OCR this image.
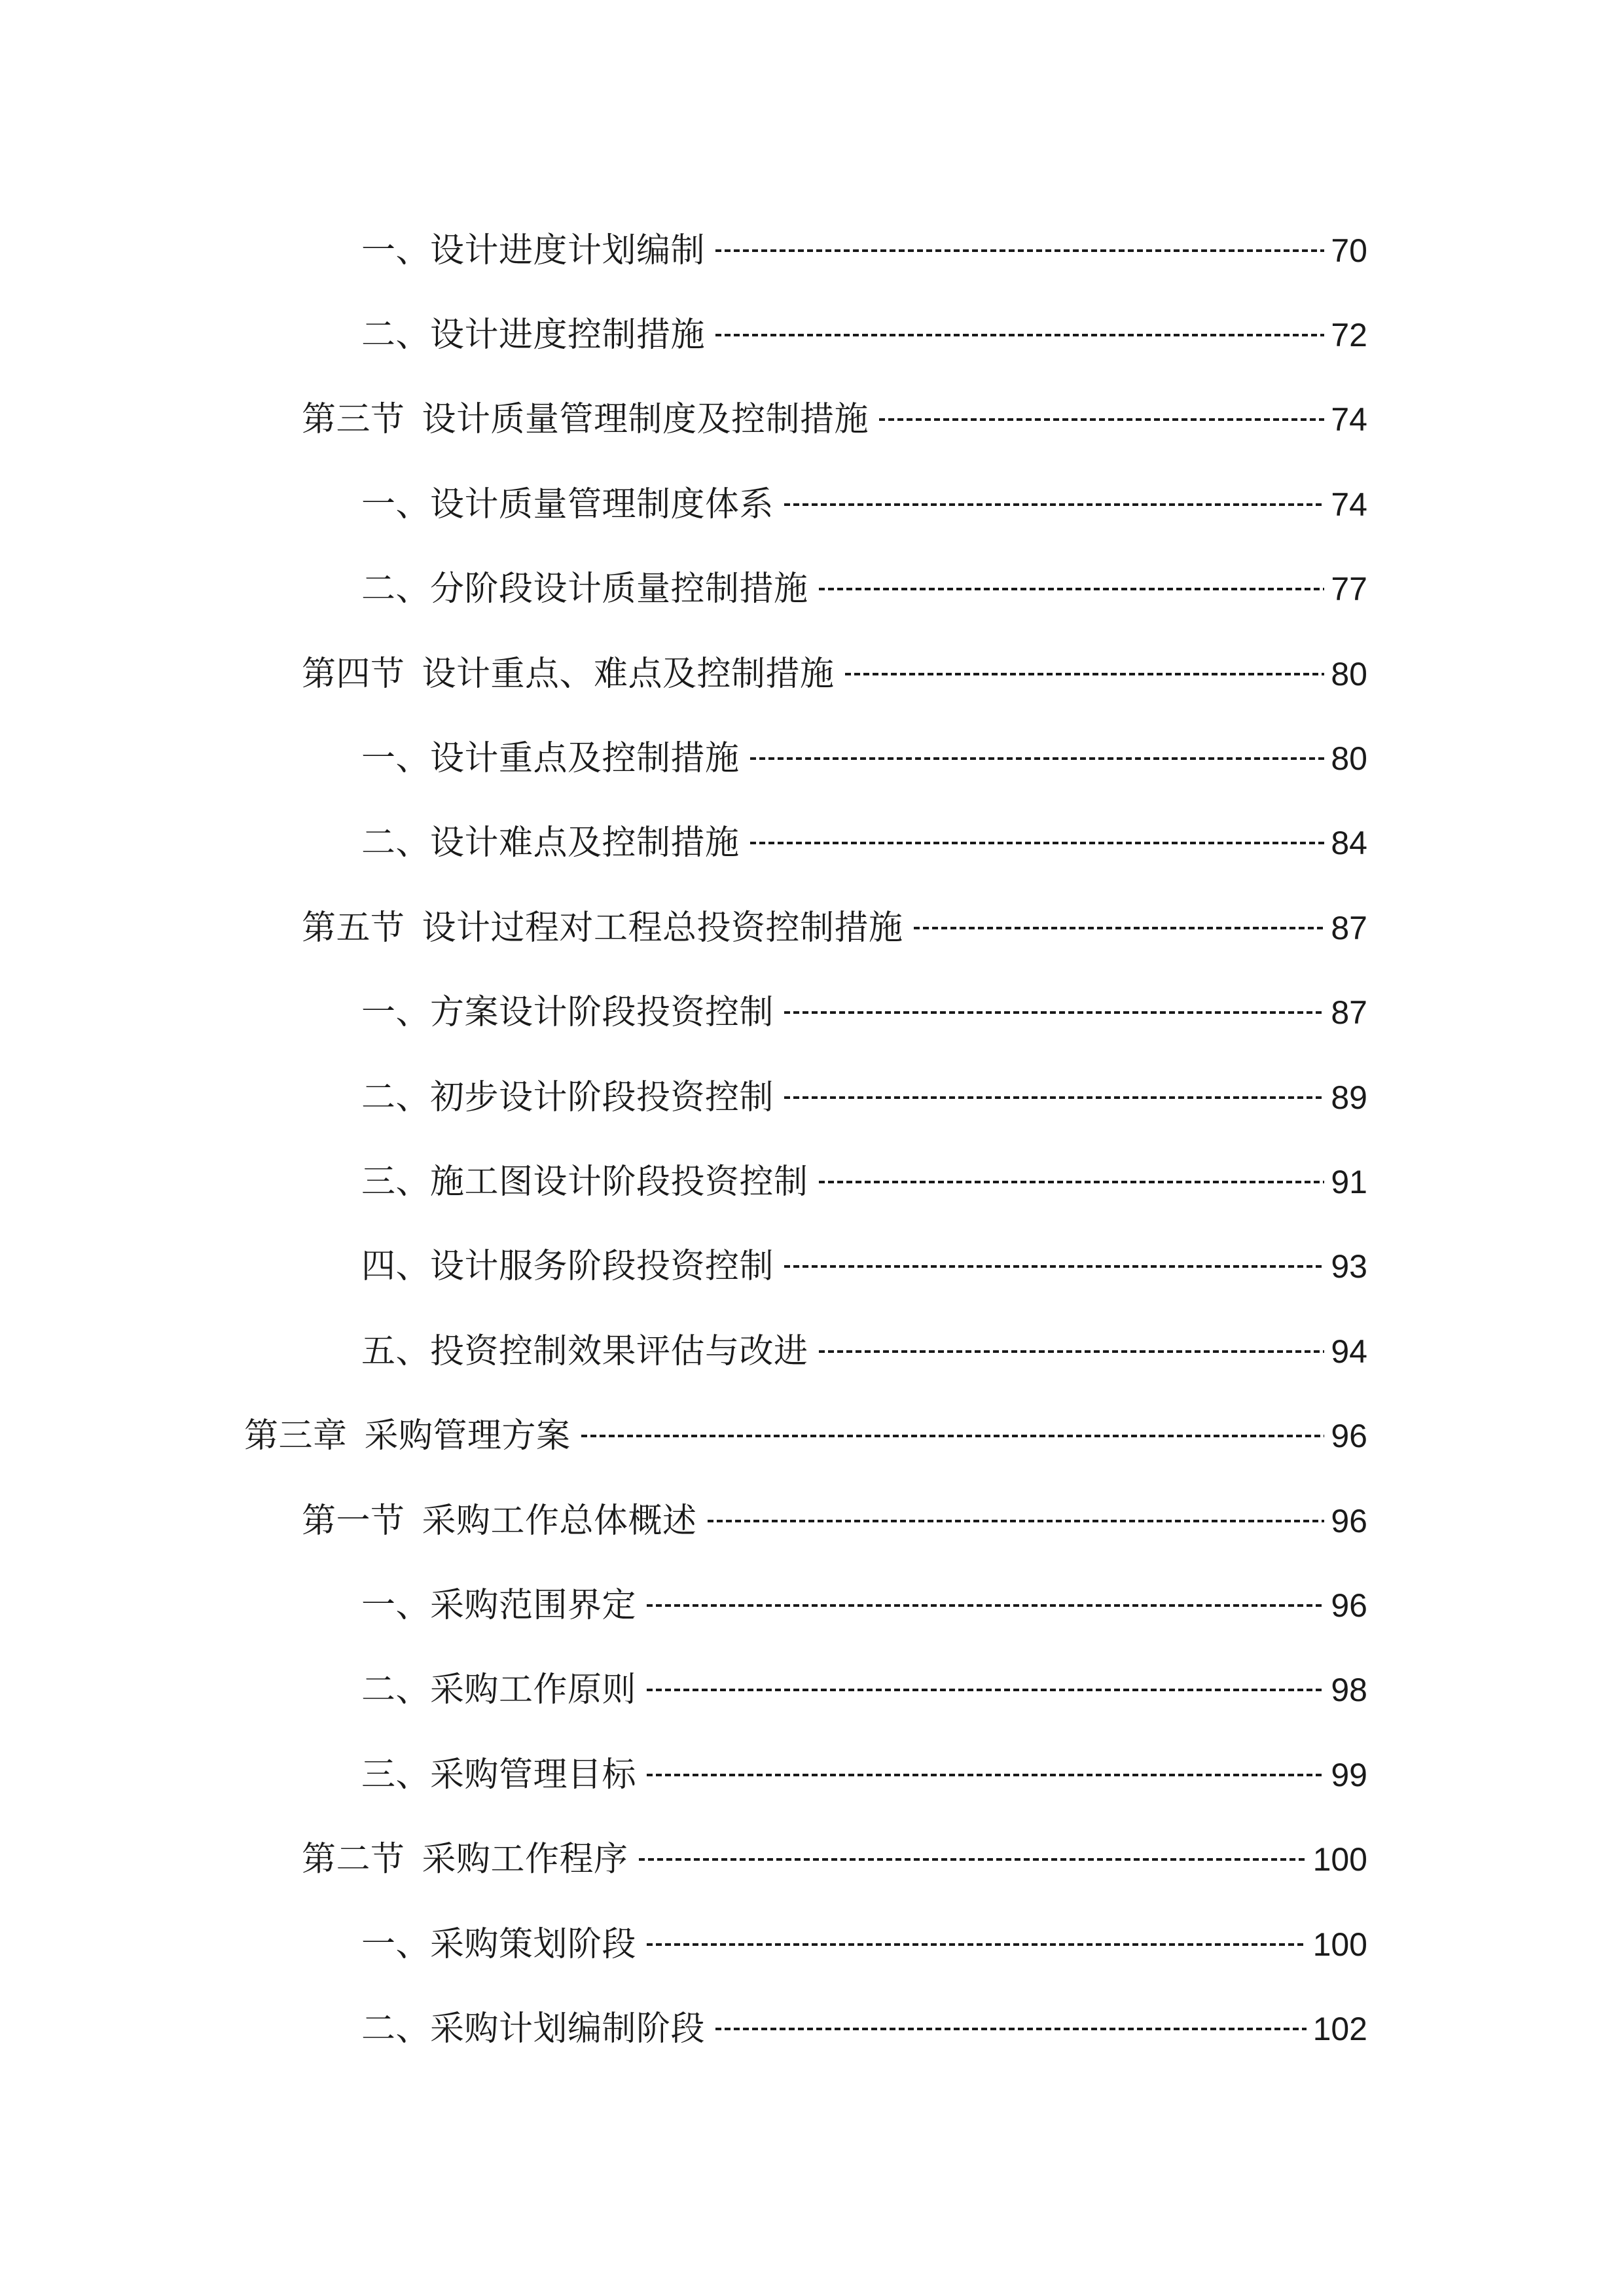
一、设计进度计划编制	70
二、设计进度控制措施	72
第三节 设计质量管理制度及控制措施	74
一、设计质量管理制度体系	74
二、分阶段设计质量控制措施	77
第四节 设计重点、难点及控制措施	80
一、设计重点及控制措施	80
二、设计难点及控制措施	84
第五节 设计过程对工程总投资控制措施	87
一、方案设计阶段投资控制	87
二、初步设计阶段投资控制	89
三、施工图设计阶段投资控制	91
四、设计服务阶段投资控制	93
五、投资控制效果评估与改进	94
第三章 采购管理方案	96
第一节 采购工作总体概述	96
一、采购范围界定	96
二、采购工作原则	98
三、采购管理目标	99
第二节 采购工作程序	100
一、采购策划阶段	100
二、采购计划编制阶段	102
